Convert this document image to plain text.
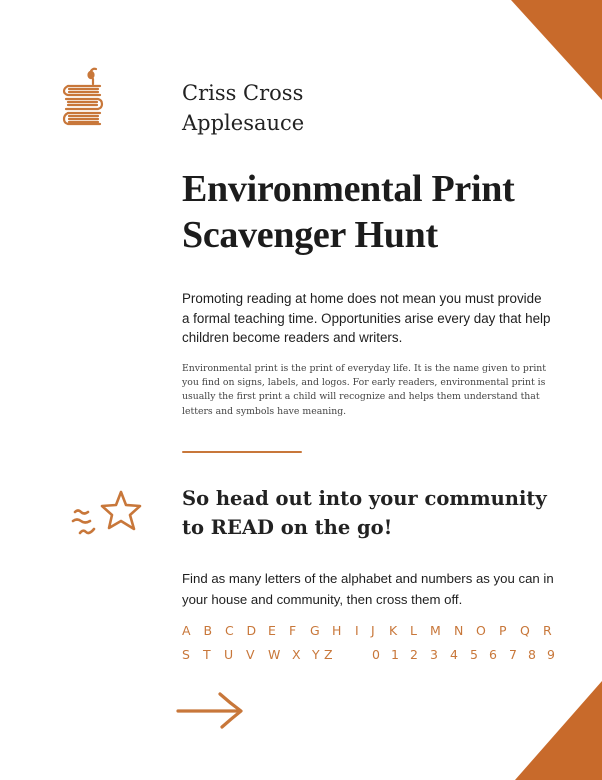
Criss Cross
Applesauce
Environmental Print
Scavenger Hunt

Promoting reading at home does not mean you must provide
a formal teaching time. Opportunities arise every day that help
children become readers and writers.

Environmental print is the print of everyday life. It is the name given to print
you find on signs, labels, and logos. For early readers, environmental print is
usually the first print a child will recognize and helps them understand that
letters and symbols have meaning.

So head out into your community
to READ on the go!

Find as many letters of the alphabet and numbers as you can in
your house and community, then cross them off.

A B C D E F G H I J K L M N O P Q R
S T U V W X Y Z	0 1 2 3 4 5 6 7 8 9
